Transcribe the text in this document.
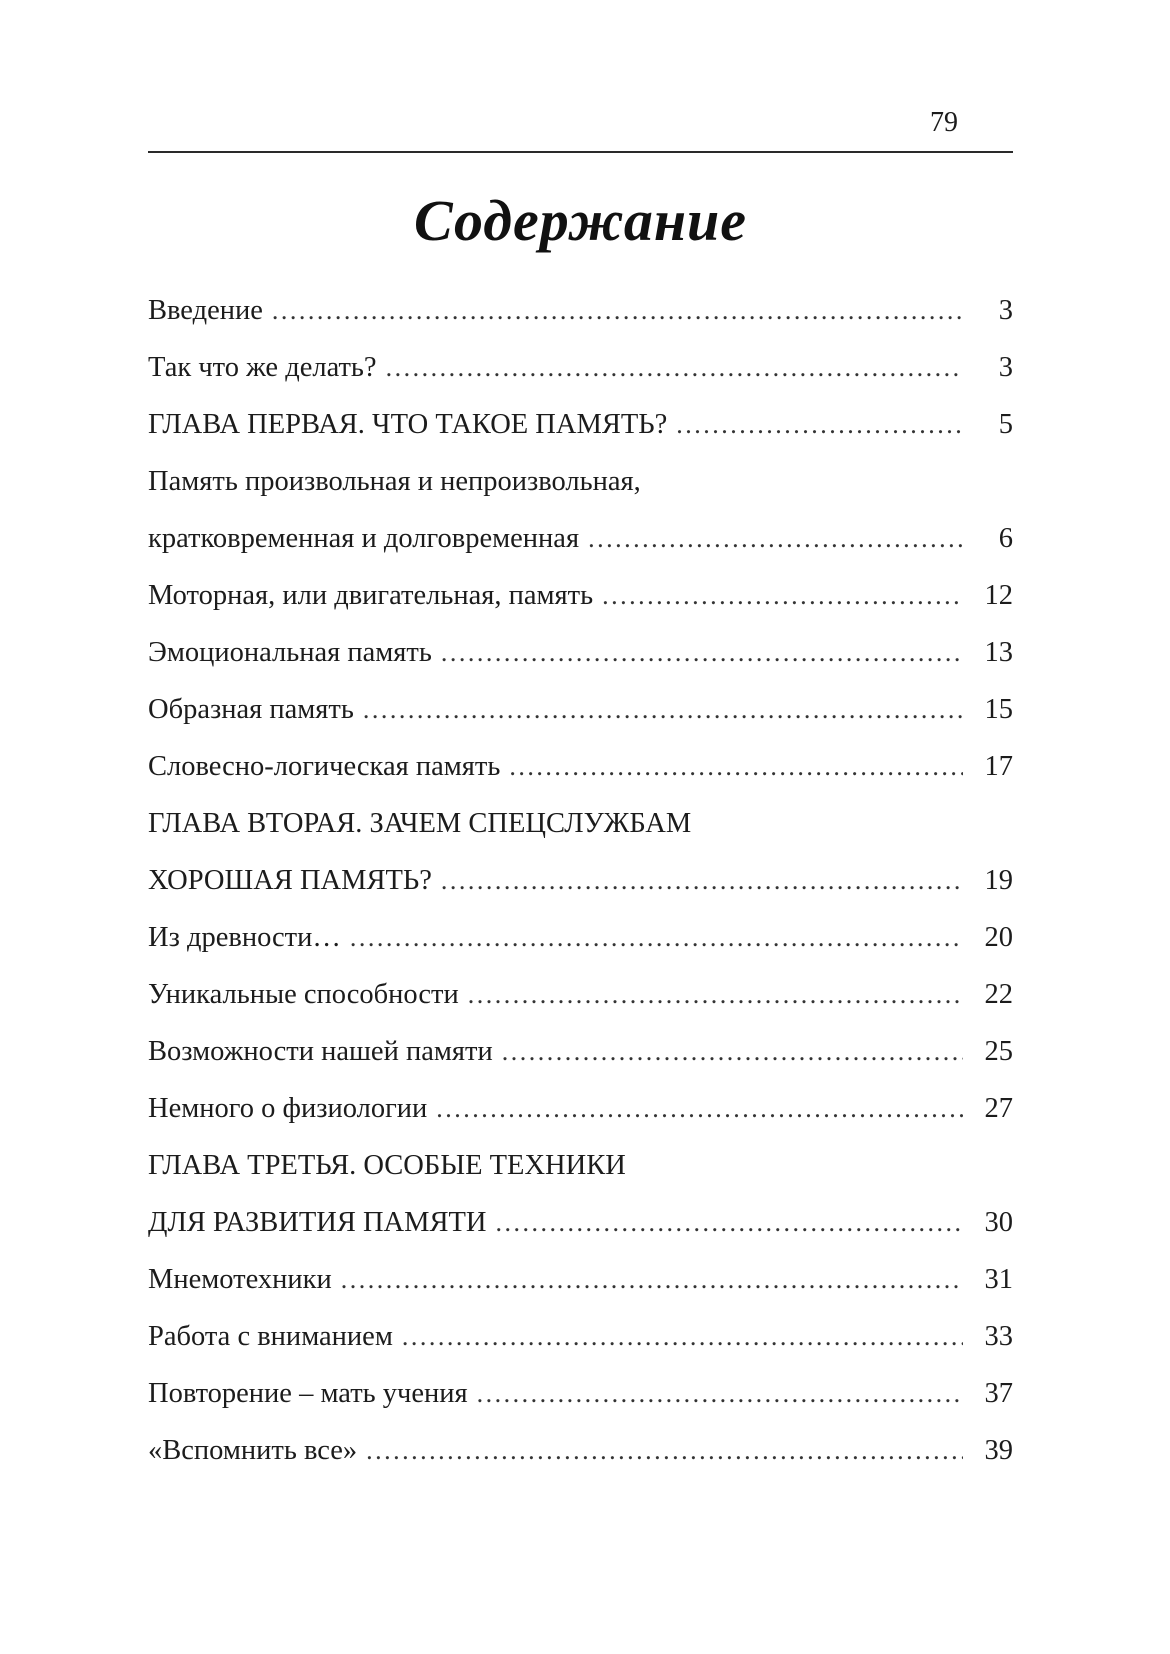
79
Содержание
Введение .....	3
Так что же делать? .....	3
ГЛАВА ПЕРВАЯ. ЧТО ТАКОЕ ПАМЯТЬ? .....	5
Память произвольная и непроизвольная,
кратковременная и долговременная .....	6
Моторная, или двигательная, память .....	12
Эмоциональная память .....	13
Образная память .....	15
Словесно-логическая память .....	17
ГЛАВА ВТОРАЯ. ЗАЧЕМ СПЕЦСЛУЖБАМ
ХОРОШАЯ ПАМЯТЬ? .....	19
Из древности… .....	20
Уникальные способности .....	22
Возможности нашей памяти .....	25
Немного о физиологии .....	27
ГЛАВА ТРЕТЬЯ. ОСОБЫЕ ТЕХНИКИ
ДЛЯ РАЗВИТИЯ ПАМЯТИ .....	30
Мнемотехники .....	31
Работа с вниманием .....	33
Повторение – мать учения .....	37
«Вспомнить все» .....	39
